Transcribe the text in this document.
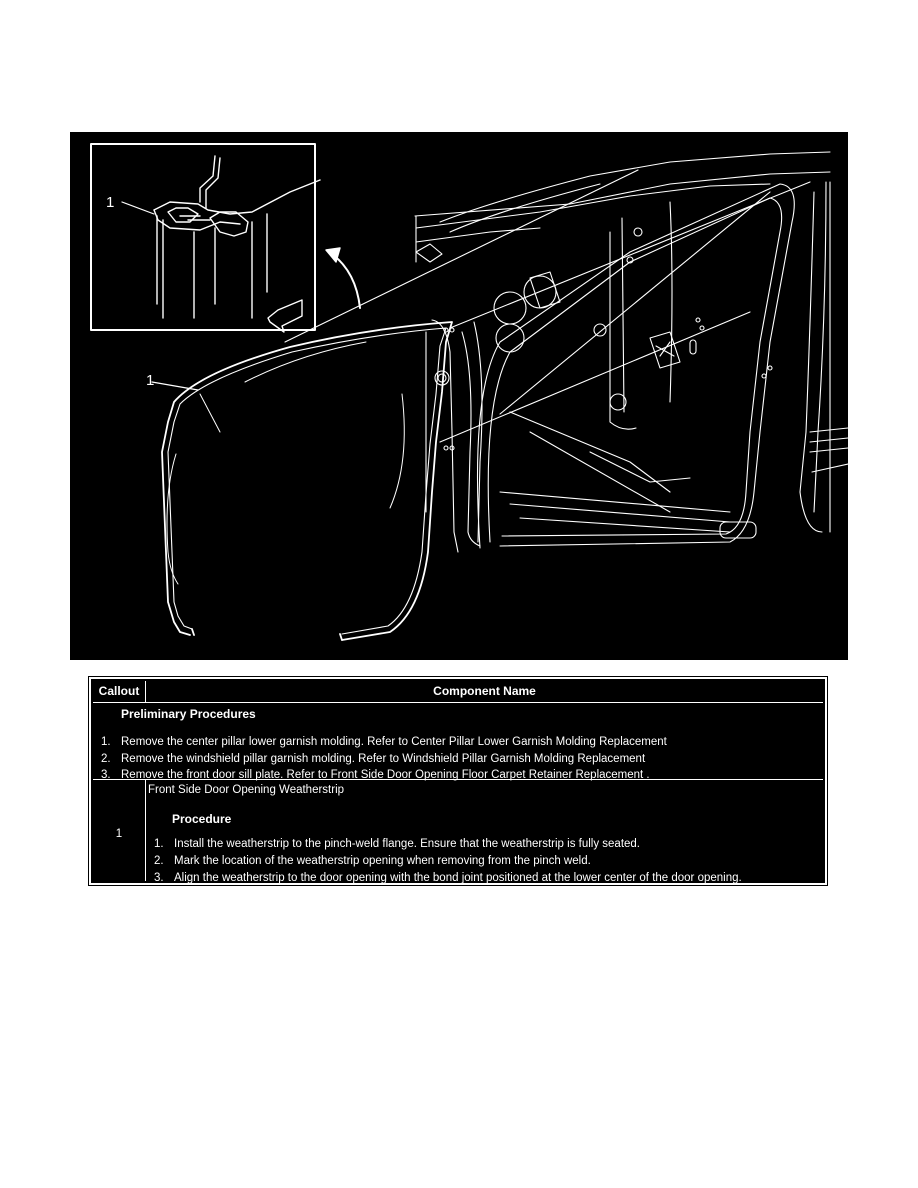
1
1
Callout	Component Name
Preliminary Procedures
1. Remove the center pillar lower garnish molding. Refer to Center Pillar Lower Garnish Molding Replacement
2. Remove the windshield pillar garnish molding. Refer to Windshield Pillar Garnish Molding Replacement
3. Remove the front door sill plate. Refer to Front Side Door Opening Floor Carpet Retainer Replacement .
1
Front Side Door Opening Weatherstrip
Procedure
1. Install the weatherstrip to the pinch-weld flange. Ensure that the weatherstrip is fully seated.
2. Mark the location of the weatherstrip opening when removing from the pinch weld.
3. Align the weatherstrip to the door opening with the bond joint positioned at the lower center of the door opening.
